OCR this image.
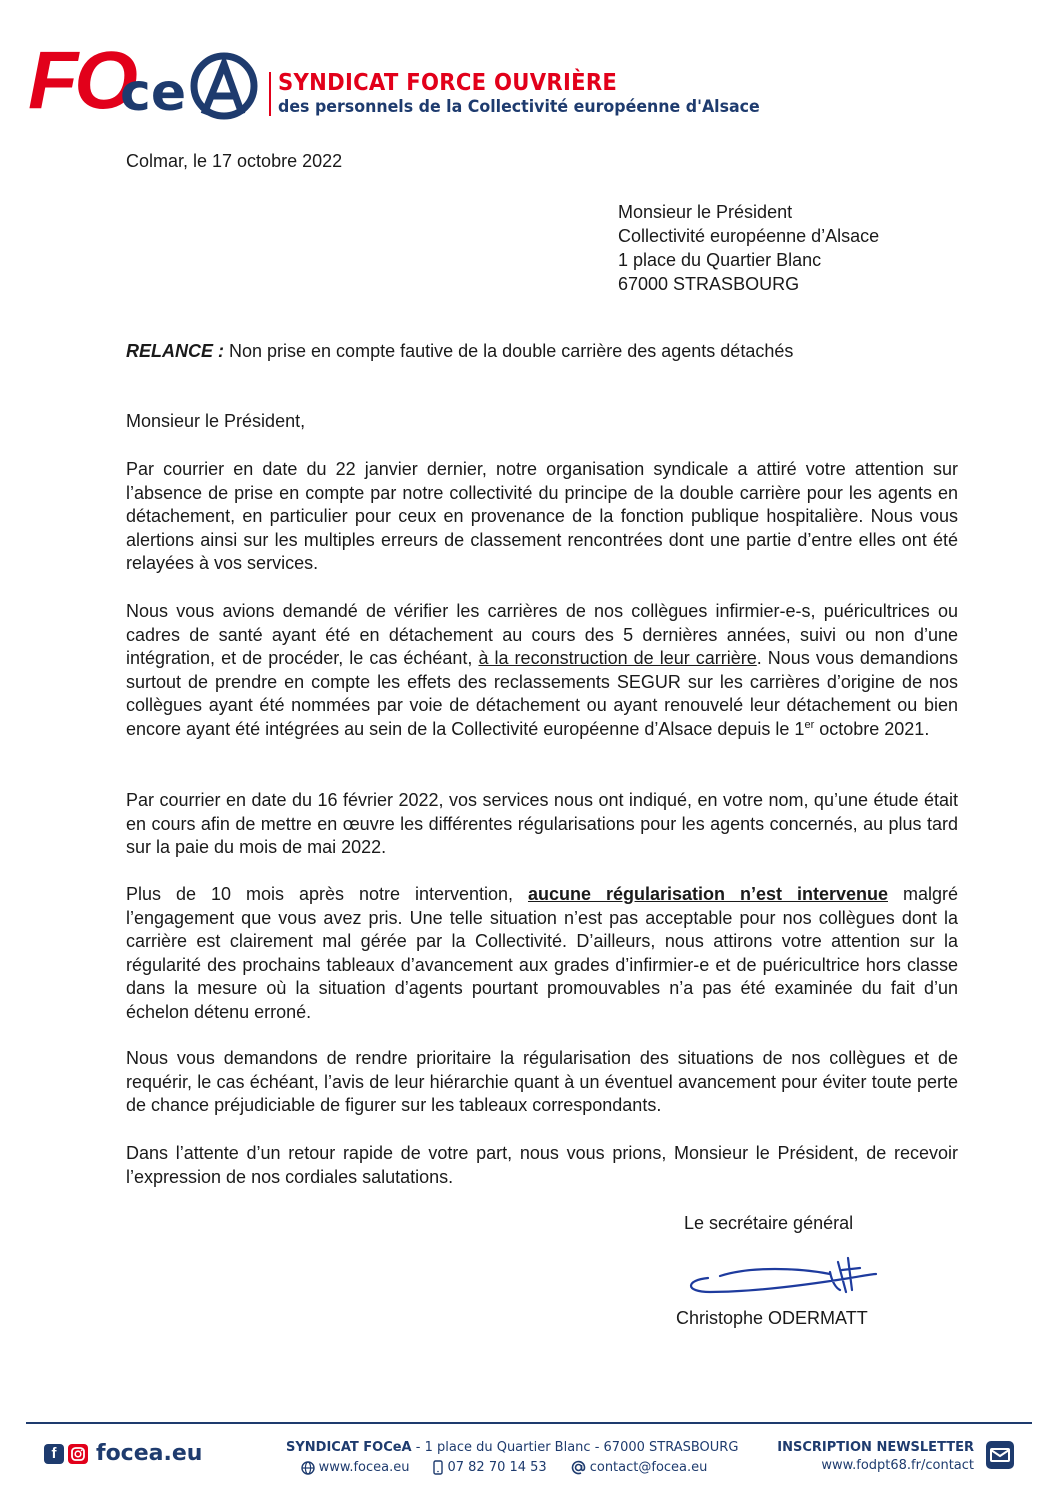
FO
ce	SYNDICAT FORCE OUVRIÈRE
des personnels de la Collectivité européenne d'Alsace
Colmar, le 17 octobre 2022
Monsieur le Président
Collectivité européenne d’Alsace
1 place du Quartier Blanc
67000 STRASBOURG
RELANCE : Non prise en compte fautive de la double carrière des agents détachés
Monsieur le Président,

Par courrier en date du 22 janvier dernier, notre organisation syndicale a attiré votre attention sur l’absence de prise en compte par notre collectivité du principe de la double carrière pour les agents en détachement, en particulier pour ceux en provenance de la fonction publique hospitalière. Nous vous alertions ainsi sur les multiples erreurs de classement rencontrées dont une partie d’entre elles ont été relayées à vos services.

Nous vous avions demandé de vérifier les carrières de nos collègues infirmier-e-s, puéricultrices ou cadres de santé ayant été en détachement au cours des 5 dernières années, suivi ou non d’une intégration, et de procéder, le cas échéant, à la reconstruction de leur carrière. Nous vous demandions surtout de prendre en compte les effets des reclassements SEGUR sur les carrières d’origine de nos collègues ayant été nommées par voie de détachement ou ayant renouvelé leur détachement ou bien encore ayant été intégrées au sein de la Collectivité européenne d’Alsace depuis le 1er octobre 2021.

Par courrier en date du 16 février 2022, vos services nous ont indiqué, en votre nom, qu’une étude était en cours afin de mettre en œuvre les différentes régularisations pour les agents concernés, au plus tard sur la paie du mois de mai 2022.

Plus de 10 mois après notre intervention, aucune régularisation n’est intervenue malgré l’engagement que vous avez pris. Une telle situation n’est pas acceptable pour nos collègues dont la carrière est clairement mal gérée par la Collectivité. D’ailleurs, nous attirons votre attention sur la régularité des prochains tableaux d’avancement aux grades d’infirmier-e et de puéricultrice hors classe dans la mesure où la situation d’agents pourtant promouvables n’a pas été examinée du fait d’un échelon détenu erroné.

Nous vous demandons de rendre prioritaire la régularisation des situations de nos collègues et de requérir, le cas échéant, l’avis de leur hiérarchie quant à un éventuel avancement pour éviter toute perte de chance préjudiciable de figurer sur les tableaux correspondants.

Dans l’attente d’un retour rapide de votre part, nous vous prions, Monsieur le Président, de recevoir l’expression de nos cordiales salutations.

Le secrétaire général
Christophe ODERMATT
f focea.eu	SYNDICAT FOCeA - 1 place du Quartier Blanc - 67000 STRASBOURG
www.focea.eu	07 82 70 14 53	contact@focea.eu
INSCRIPTION NEWSLETTER
www.fodpt68.fr/contact
